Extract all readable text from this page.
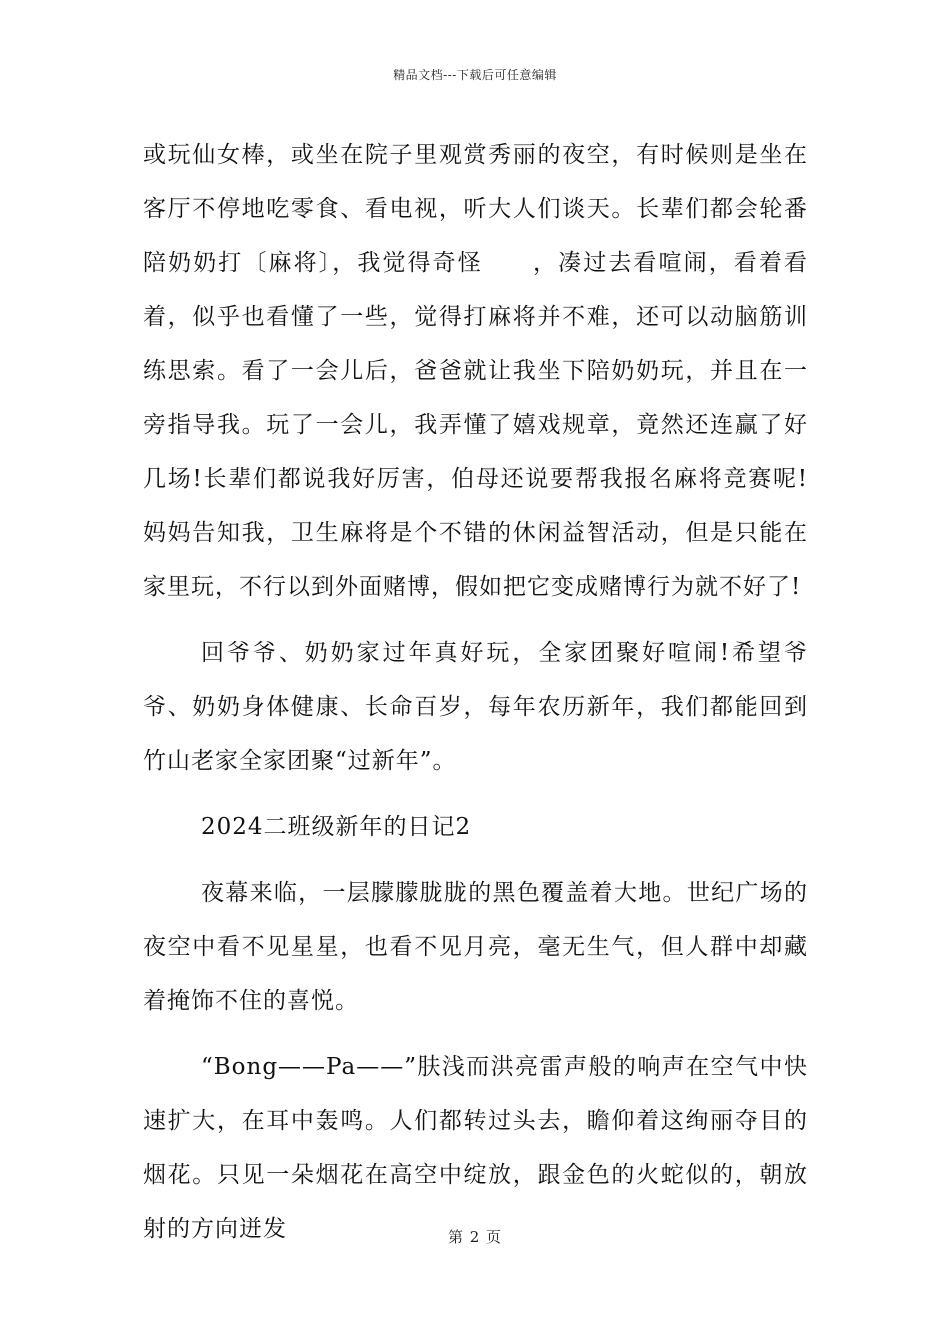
精品文档---下载后可任意编辑

或玩仙女棒，或坐在院子里观赏秀丽的夜空，有时候则是坐在客厅不停地吃零食、看电视，听大人们谈天。长辈们都会轮番陪奶奶打〔麻将〕，我觉得奇怪　　，凑过去看喧闹，看着看着，似乎也看懂了一些，觉得打麻将并不难，还可以动脑筋训练思索。看了一会儿后，爸爸就让我坐下陪奶奶玩，并且在一旁指导我。玩了一会儿，我弄懂了嬉戏规章，竟然还连赢了好几场!长辈们都说我好厉害，伯母还说要帮我报名麻将竞赛呢!妈妈告知我，卫生麻将是个不错的休闲益智活动，但是只能在家里玩，不行以到外面赌博，假如把它变成赌博行为就不好了!

回爷爷、奶奶家过年真好玩，全家团聚好喧闹!希望爷爷、奶奶身体健康、长命百岁，每年农历新年，我们都能回到竹山老家全家团聚“过新年”。

2024二班级新年的日记2

夜幕来临，一层朦朦胧胧的黑色覆盖着大地。世纪广场的夜空中看不见星星，也看不见月亮，毫无生气，但人群中却藏着掩饰不住的喜悦。

“Bong——Pa——”肤浅而洪亮雷声般的响声在空气中快速扩大，在耳中轰鸣。人们都转过头去，瞻仰着这绚丽夺目的烟花。只见一朵烟花在高空中绽放，跟金色的火蛇似的，朝放射的方向迸发	第 2 页
